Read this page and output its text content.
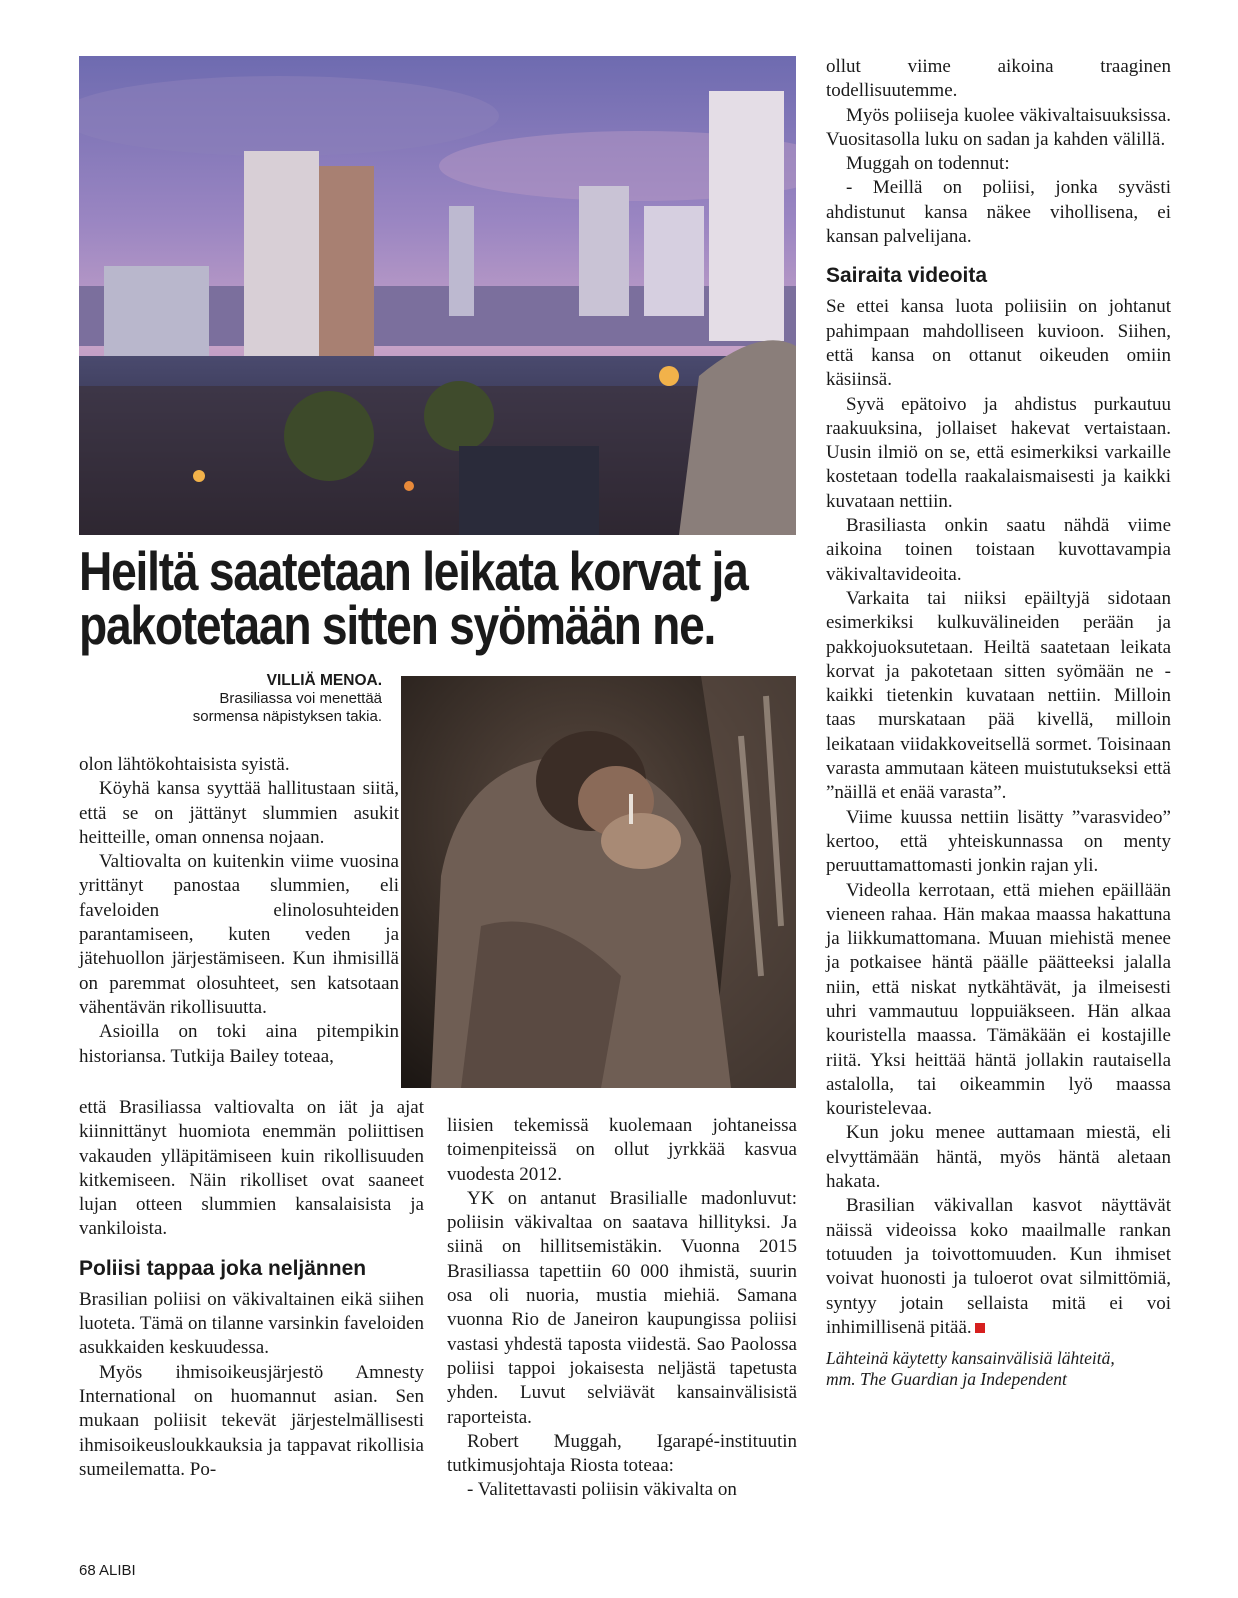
Heiltä saatetaan leikata korvat ja
pakotetaan sitten syömään ne.
VILLIÄ MENOA.
Brasiliassa voi menettää
sormensa näpistyksen takia.

olon lähtökohtaisista syistä.

Köyhä kansa syyttää hallitustaan siitä, että se on jättänyt slummien asukit heitteille, oman onnensa nojaan.

Valtiovalta on kuitenkin viime vuosina yrittänyt panostaa slummien, eli faveloiden elinolosuhteiden parantamiseen, kuten veden ja jätehuollon järjestämiseen. Kun ihmisillä on paremmat olosuhteet, sen katsotaan vähentävän rikollisuutta.

Asioilla on toki aina pitempikin historiansa. Tutkija Bailey toteaa,

että Brasiliassa valtiovalta on iät ja ajat kiinnittänyt huomiota enemmän poliittisen vakauden ylläpitämiseen kuin rikollisuuden kitkemiseen. Näin rikolliset ovat saaneet lujan otteen slummien kansalaisista ja vankiloista.

Poliisi tappaa joka neljännen

Brasilian poliisi on väkivaltainen eikä siihen luoteta. Tämä on tilanne varsinkin faveloiden asukkaiden keskuudessa.

Myös ihmisoikeusjärjestö Amnesty International on huomannut asian. Sen mukaan poliisit tekevät järjestelmällisesti ihmisoikeusloukkauksia ja tappavat rikollisia sumeilematta. Po-

liisien tekemissä kuolemaan johtaneissa toimenpiteissä on ollut jyrkkää kasvua vuodesta 2012.

YK on antanut Brasilialle madonluvut: poliisin väkivaltaa on saatava hillityksi. Ja siinä on hillitsemistäkin. Vuonna 2015 Brasiliassa tapettiin 60 000 ihmistä, suurin osa oli nuoria, mustia miehiä. Samana vuonna Rio de Janeiron kaupungissa poliisi vastasi yhdestä taposta viidestä. Sao Paolossa poliisi tappoi jokaisesta neljästä tapetusta yhden. Luvut selviävät kansainvälisistä raporteista.

Robert Muggah, Igarapé-instituutin tutkimusjohtaja Riosta toteaa:

- Valitettavasti poliisin väkivalta on

ollut viime aikoina traaginen todellisuutemme.

Myös poliiseja kuolee väkivaltaisuuksissa. Vuositasolla luku on sadan ja kahden välillä.

Muggah on todennut:

- Meillä on poliisi, jonka syvästi ahdistunut kansa näkee vihollisena, ei kansan palvelijana.

Sairaita videoita

Se ettei kansa luota poliisiin on johtanut pahimpaan mahdolliseen kuvioon. Siihen, että kansa on ottanut oikeuden omiin käsiinsä.

Syvä epätoivo ja ahdistus purkautuu raakuuksina, jollaiset hakevat vertaistaan. Uusin ilmiö on se, että esimerkiksi varkaille kostetaan todella raakalaismaisesti ja kaikki kuvataan nettiin.

Brasiliasta onkin saatu nähdä viime aikoina toinen toistaan kuvottavampia väkivaltavideoita.

Varkaita tai niiksi epäiltyjä sidotaan esimerkiksi kulkuvälineiden perään ja pakkojuoksutetaan. Heiltä saatetaan leikata korvat ja pakotetaan sitten syömään ne - kaikki tietenkin kuvataan nettiin. Milloin taas murskataan pää kivellä, milloin leikataan viidakkoveitsellä sormet. Toisinaan varasta ammutaan käteen muistutukseksi että ”näillä et enää varasta”.

Viime kuussa nettiin lisätty ”varasvideo” kertoo, että yhteiskunnassa on menty peruuttamattomasti jonkin rajan yli.

Videolla kerrotaan, että miehen epäillään vieneen rahaa. Hän makaa maassa hakattuna ja liikkumattomana. Muuan miehistä menee ja potkaisee häntä päälle päätteeksi jalalla niin, että niskat nytkähtävät, ja ilmeisesti uhri vammautuu loppuiäkseen. Hän alkaa kouristella maassa. Tämäkään ei kostajille riitä. Yksi heittää häntä jollakin rautaisella astalolla, tai oikeammin lyö maassa kouristelevaa.

Kun joku menee auttamaan miestä, eli elvyttämään häntä, myös häntä aletaan hakata.

Brasilian väkivallan kasvot näyttävät näissä videoissa koko maailmalle rankan totuuden ja toivottomuuden. Kun ihmiset voivat huonosti ja tuloerot ovat silmittömiä, syntyy jotain sellaista mitä ei voi inhimillisenä pitää.

Lähteinä käytetty kansainvälisiä lähteitä,
mm. The Guardian ja Independent
68 ALIBI
